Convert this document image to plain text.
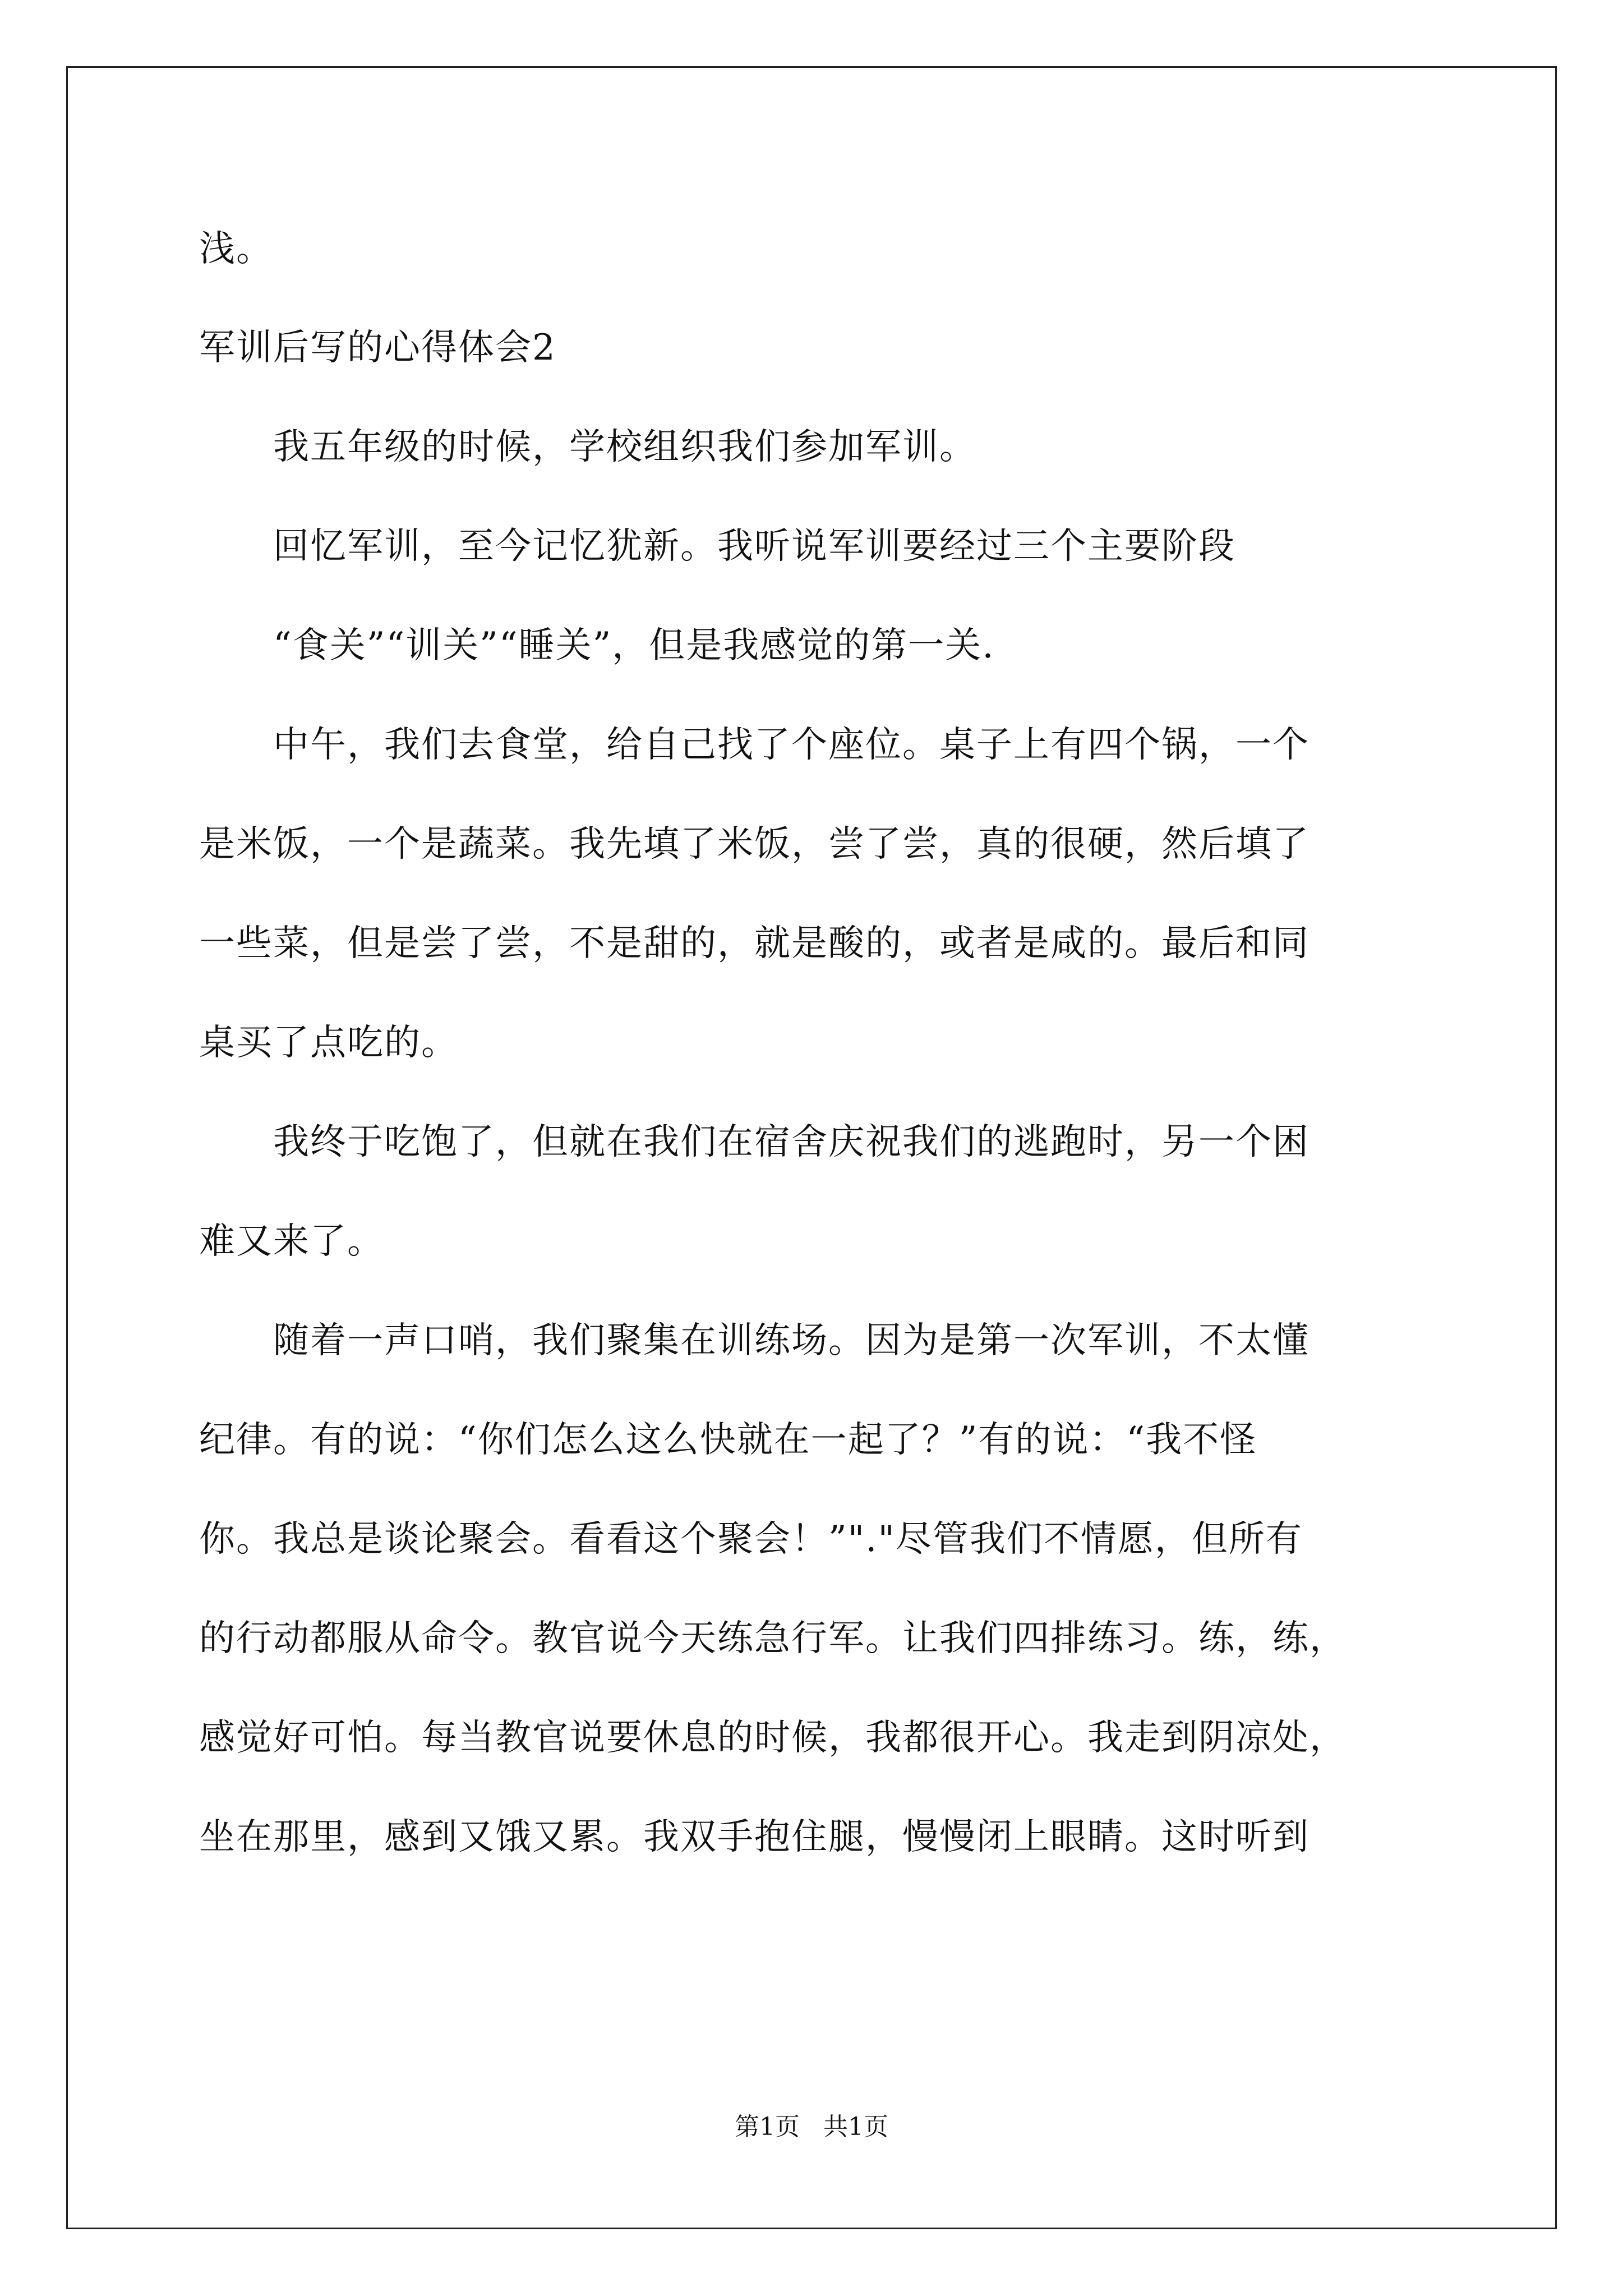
浅。
军训后写的心得体会2
　　我五年级的时候，学校组织我们参加军训。
　　回忆军训，至今记忆犹新。我听说军训要经过三个主要阶段
　　“食关”“训关”“睡关”，但是我感觉的第一关.
　　中午，我们去食堂，给自己找了个座位。桌子上有四个锅，一个
是米饭，一个是蔬菜。我先填了米饭，尝了尝，真的很硬，然后填了
一些菜，但是尝了尝，不是甜的，就是酸的，或者是咸的。最后和同
桌买了点吃的。
　　我终于吃饱了，但就在我们在宿舍庆祝我们的逃跑时，另一个困
难又来了。
　　随着一声口哨，我们聚集在训练场。因为是第一次军训，不太懂
纪律。有的说：“你们怎么这么快就在一起了？”有的说：“我不怪
你。我总是谈论聚会。看看这个聚会！”"."尽管我们不情愿，但所有
的行动都服从命令。教官说今天练急行军。让我们四排练习。练，练，
感觉好可怕。每当教官说要休息的时候，我都很开心。我走到阴凉处，
坐在那里，感到又饿又累。我双手抱住腿，慢慢闭上眼睛。这时听到
第1页   共1页
